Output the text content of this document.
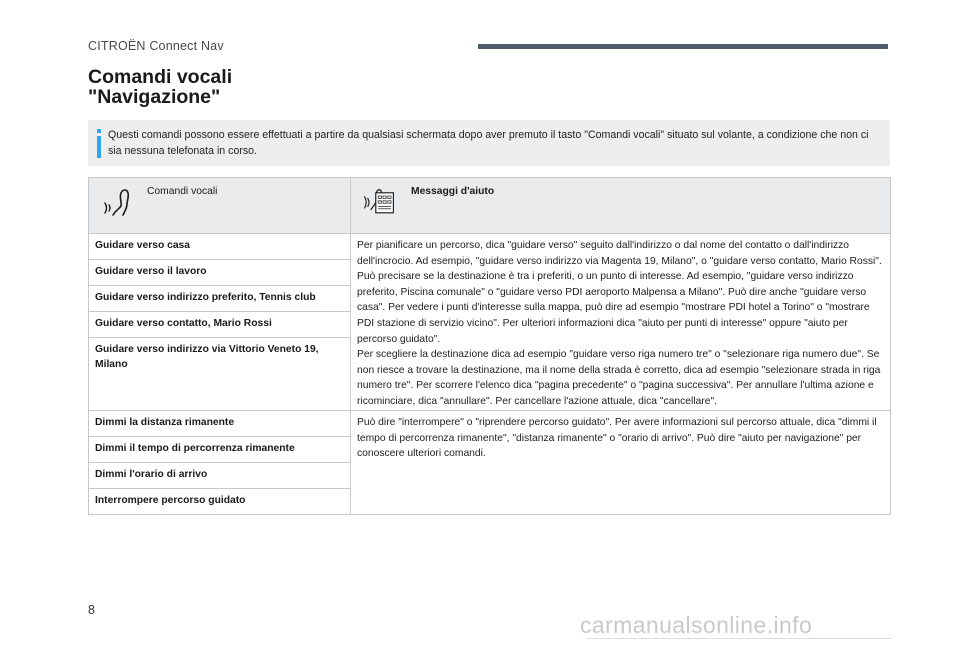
CITROËN Connect Nav
Comandi vocali
"Navigazione"

Questi comandi possono essere effettuati a partire da qualsiasi schermata dopo aver premuto il tasto "Comandi vocali" situato sul volante, a condizione che non ci sia nessuna telefonata in corso.

Comandi vocali	Messaggi d'aiuto

Guidare verso casa	Per pianificare un percorso, dica "guidare verso" seguito dall'indirizzo o dal nome del contatto o dall'indirizzo dell'incrocio. Ad esempio, "guidare verso indirizzo via Magenta 19, Milano", o "guidare verso contatto, Mario Rossi". Può precisare se la destinazione è tra i preferiti, o un punto di interesse. Ad esempio, "guidare verso indirizzo preferito, Piscina comunale" o "guidare verso PDI aeroporto Malpensa a Milano". Può dire anche "guidare verso casa". Per vedere i punti d'interesse sulla mappa, può dire ad esempio "mostrare PDI hotel a Torino" o "mostrare PDI stazione di servizio vicino". Per ulteriori informazioni dica "aiuto per punti di interesse" oppure "aiuto per percorso guidato".

Per scegliere la destinazione dica ad esempio "guidare verso riga numero tre" o "selezionare riga numero due". Se non riesce a trovare la destinazione, ma il nome della strada è corretto, dica ad esempio "selezionare strada in riga numero tre". Per scorrere l'elenco dica "pagina precedente" o "pagina successiva". Per annullare l'ultima azione e ricominciare, dica "annullare". Per cancellare l'azione attuale, dica "cancellare".

Guidare verso il lavoro	
Guidare verso indirizzo preferito, Tennis club	
Guidare verso contatto, Mario Rossi	
Guidare verso indirizzo via Vittorio Veneto 19, Milano	
Dimmi la distanza rimanente	Può dire "interrompere" o "riprendere percorso guidato". Per avere informazioni sul percorso attuale, dica "dimmi il tempo di percorrenza rimanente", "distanza rimanente" o "orario di arrivo". Può dire "aiuto per navigazione" per conoscere ulteriori comandi.

Dimmi il tempo di percorrenza rimanente	
Dimmi l'orario di arrivo	
Interrompere percorso guidato	
8
carmanualsonline.info
